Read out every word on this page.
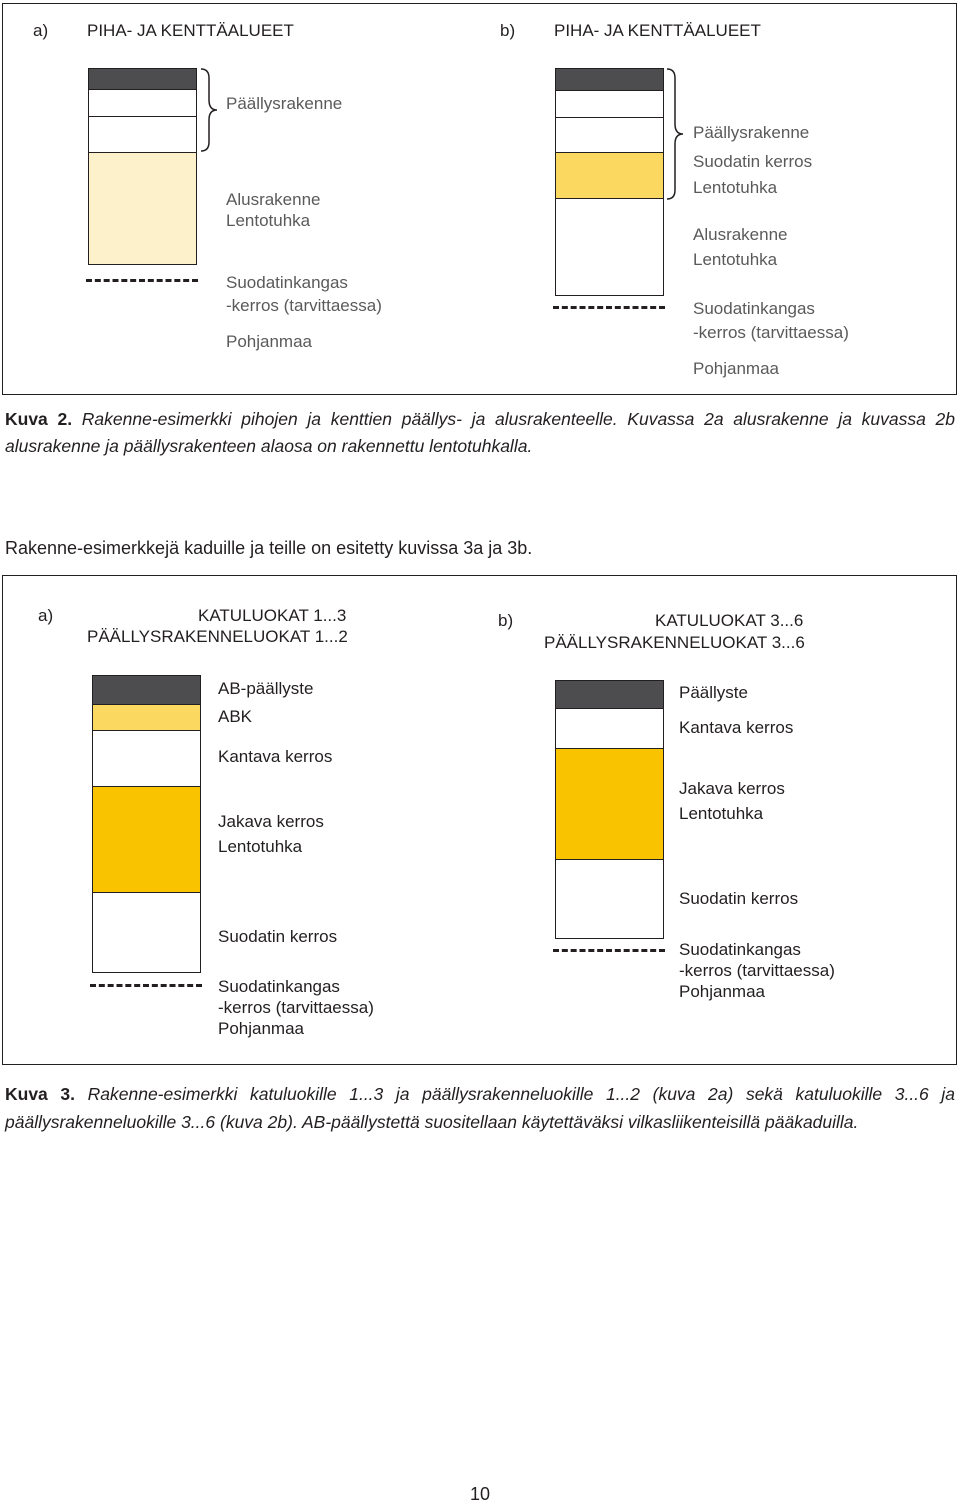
a) PIHA- JA KENTTÄALUEET
Päällysrakenne
Alusrakenne
Lentotuhka
Suodatinkangas
-kerros (tarvittaessa)
Pohjanmaa
b) PIHA- JA KENTTÄALUEET
Päällysrakenne
Suodatin kerros
Lentotuhka
Alusrakenne
Lentotuhka
Suodatinkangas
-kerros (tarvittaessa)
Pohjanmaa
Kuva 2. Rakenne-esimerkki pihojen ja kenttien päällys- ja alusrakenteelle. Kuvassa 2a alusrakenne ja kuvassa 2b alusrakenne ja päällysrakenteen alaosa on rakennettu lentotuhkalla.
Rakenne-esimerkkejä kaduille ja teille on esitetty kuvissa 3a ja 3b.
a)	KATULUOKAT 1...3
PÄÄLLYSRAKENNELUOKAT 1...2
AB-päällyste
ABK
Kantava kerros
Jakava kerros
Lentotuhka
Suodatin kerros
Suodatinkangas
-kerros (tarvittaessa)
Pohjanmaa
b)	KATULUOKAT 3...6
PÄÄLLYSRAKENNELUOKAT 3...6
Päällyste
Kantava kerros
Jakava kerros
Lentotuhka
Suodatin kerros
Suodatinkangas
-kerros (tarvittaessa)
Pohjanmaa
Kuva 3. Rakenne-esimerkki katuluokille 1...3 ja päällysrakenneluokille 1...2 (kuva 2a) sekä katuluokille 3...6 ja päällysrakenneluokille 3...6 (kuva 2b). AB-päällystettä suositellaan käytettäväksi vilkasliikenteisillä pääkaduilla.
10
